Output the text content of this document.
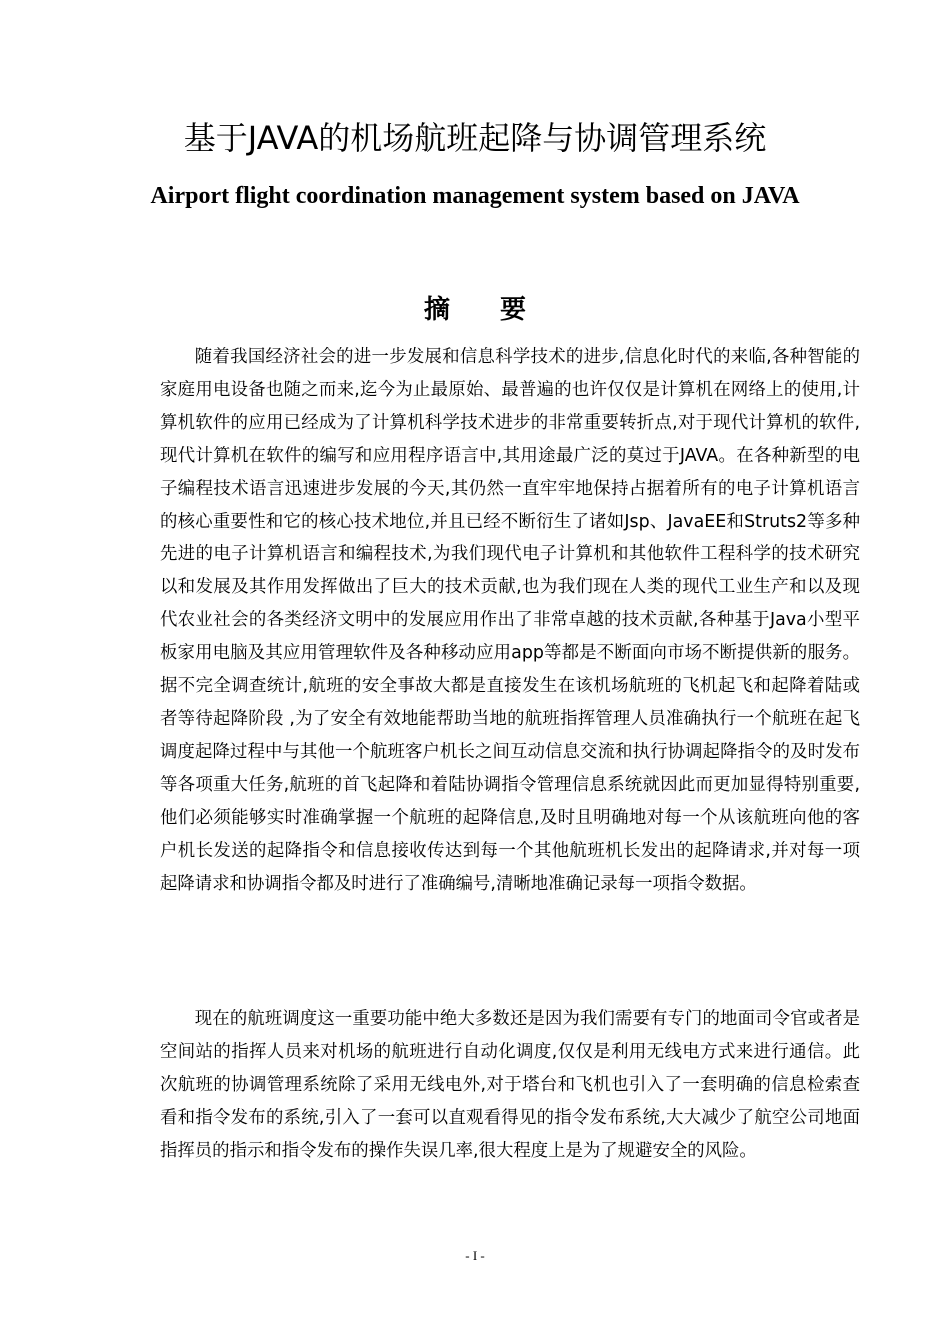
基于JAVA的机场航班起降与协调管理系统
Airport flight coordination management system based on JAVA
摘 要

随着我国经济社会的进一步发展和信息科学技术的进步,信息化时代的来临,各种智能的家庭用电设备也随之而来,迄今为止最原始、最普遍的也许仅仅是计算机在网络上的使用,计算机软件的应用已经成为了计算机科学技术进步的非常重要转折点,对于现代计算机的软件,现代计算机在软件的编写和应用程序语言中,其用途最广泛的莫过于JAVA。在各种新型的电子编程技术语言迅速进步发展的今天,其仍然一直牢牢地保持占据着所有的电子计算机语言的核心重要性和它的核心技术地位,并且已经不断衍生了诸如Jsp、JavaEE和Struts2等多种先进的电子计算机语言和编程技术,为我们现代电子计算机和其他软件工程科学的技术研究以和发展及其作用发挥做出了巨大的技术贡献,也为我们现在人类的现代工业生产和以及现代农业社会的各类经济文明中的发展应用作出了非常卓越的技术贡献,各种基于Java小型平板家用电脑及其应用管理软件及各种移动应用app等都是不断面向市场不断提供新的服务。据不完全调查统计,航班的安全事故大都是直接发生在该机场航班的飞机起飞和起降着陆或者等待起降阶段 ,为了安全有效地能帮助当地的航班指挥管理人员准确执行一个航班在起飞调度起降过程中与其他一个航班客户机长之间互动信息交流和执行协调起降指令的及时发布等各项重大任务,航班的首飞起降和着陆协调指令管理信息系统就因此而更加显得特别重要,他们必须能够实时准确掌握一个航班的起降信息,及时且明确地对每一个从该航班向他的客户机长发送的起降指令和信息接收传达到每一个其他航班机长发出的起降请求,并对每一项起降请求和协调指令都及时进行了准确编号,清晰地准确记录每一项指令数据。

现在的航班调度这一重要功能中绝大多数还是因为我们需要有专门的地面司令官或者是空间站的指挥人员来对机场的航班进行自动化调度,仅仅是利用无线电方式来进行通信。此次航班的协调管理系统除了采用无线电外,对于塔台和飞机也引入了一套明确的信息检索查看和指令发布的系统,引入了一套可以直观看得见的指令发布系统,大大减少了航空公司地面指挥员的指示和指令发布的操作失误几率,很大程度上是为了规避安全的风险。

- I -
